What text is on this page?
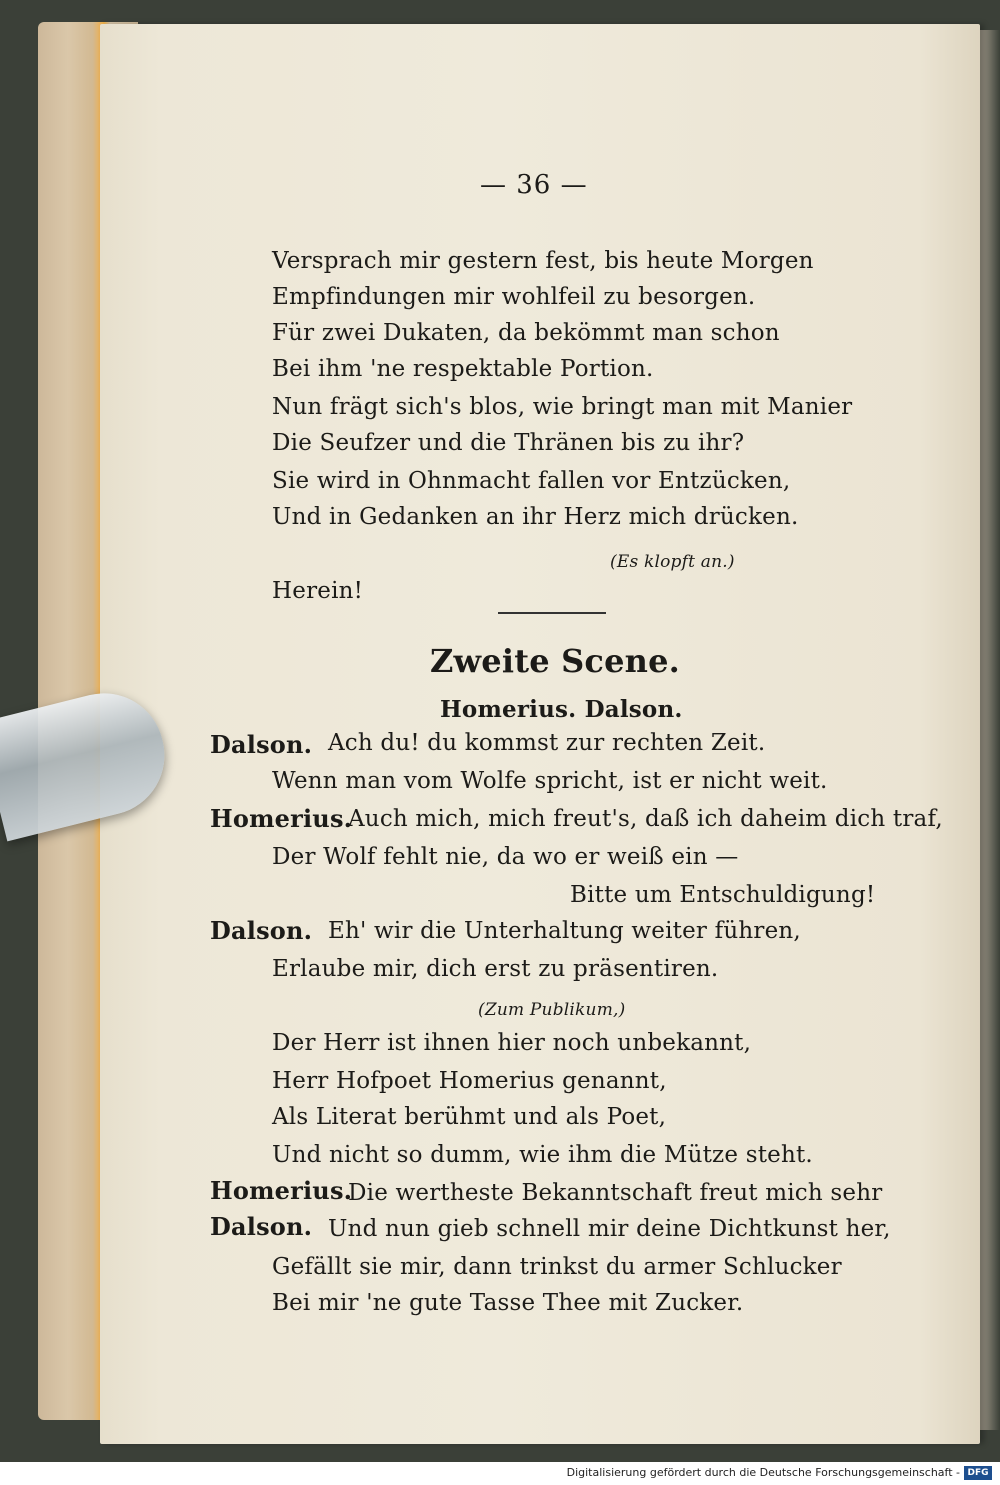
— 36 —
Versprach mir gestern fest, bis heute Morgen
Empfindungen mir wohlfeil zu besorgen.
Für zwei Dukaten, da bekömmt man schon
Bei ihm 'ne respektable Portion.
Nun frägt sich's blos, wie bringt man mit Manier
Die Seufzer und die Thränen bis zu ihr?
Sie wird in Ohnmacht fallen vor Entzücken,
Und in Gedanken an ihr Herz mich drücken.
(Es klopft an.)
Herein!
Zweite Scene.
Homerius. Dalson.
Dalson. Ach du! du kommst zur rechten Zeit.
Wenn man vom Wolfe spricht, ist er nicht weit.
Homerius.
Auch mich, mich freut's, daß ich daheim dich traf,
Der Wolf fehlt nie, da wo er weiß ein —
Bitte um Entschuldigung!
Dalson. Eh' wir die Unterhaltung weiter führen,
Erlaube mir, dich erst zu präsentiren.
(Zum Publikum,)
Der Herr ist ihnen hier noch unbekannt,
Herr Hofpoet Homerius genannt,
Als Literat berühmt und als Poet,
Und nicht so dumm, wie ihm die Mütze steht.
Homerius.
Die wertheste Bekanntschaft freut mich sehr
Dalson. Und nun gieb schnell mir deine Dichtkunst her,
Gefällt sie mir, dann trinkst du armer Schlucker
Bei mir 'ne gute Tasse Thee mit Zucker.
Digitalisierung gefördert durch die Deutsche Forschungsgemeinschaft - DFG
